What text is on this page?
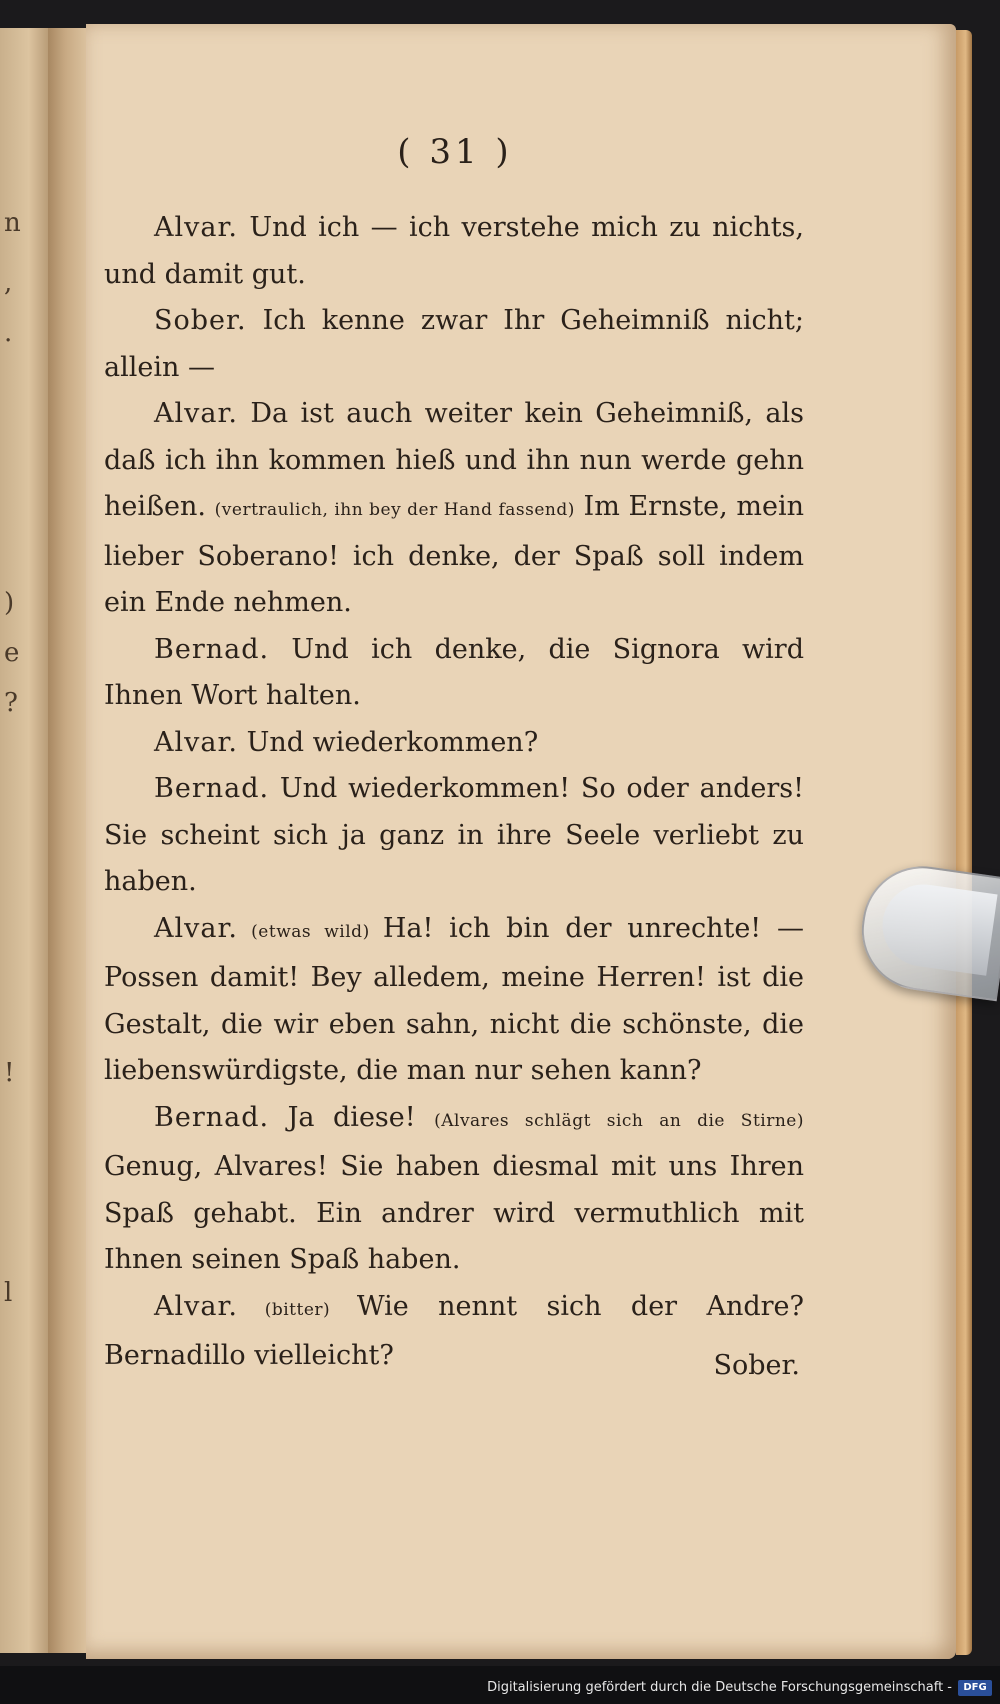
n
,
.
)
e
?
!
l
( 31 )

Alvar. Und ich — ich verstehe mich zu nichts, und damit gut.

Sober. Ich kenne zwar Ihr Geheimniß nicht; allein —

Alvar. Da ist auch weiter kein Geheimniß, als daß ich ihn kommen hieß und ihn nun werde gehn heißen. (vertraulich, ihn bey der Hand fassend) Im Ernste, mein lieber Soberano! ich denke, der Spaß soll indem ein Ende nehmen.

Bernad. Und ich denke, die Signora wird Ihnen Wort halten.

Alvar. Und wiederkommen?

Bernad. Und wiederkommen! So oder anders! Sie scheint sich ja ganz in ihre Seele verliebt zu haben.

Alvar. (etwas wild) Ha! ich bin der unrechte! — Possen damit! Bey alledem, meine Herren! ist die Gestalt, die wir eben sahn, nicht die schönste, die liebenswürdigste, die man nur sehen kann?

Bernad. Ja diese! (Alvares schlägt sich an die Stirne) Genug, Alvares! Sie haben diesmal mit uns Ihren Spaß gehabt. Ein andrer wird vermuthlich mit Ihnen seinen Spaß haben.

Alvar. (bitter) Wie nennt sich der Andre? Bernadillo vielleicht?	Sober.
Digitalisierung gefördert durch die Deutsche Forschungsgemeinschaft -	DFG
